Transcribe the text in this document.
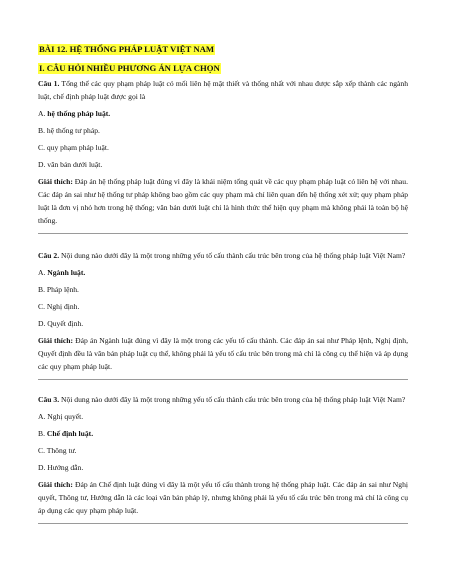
BÀI 12. HỆ THỐNG PHÁP LUẬT VIỆT NAM
I. CÂU HỎI NHIỀU PHƯƠNG ÁN LỰA CHỌN

Câu 1. Tổng thể các quy phạm pháp luật có mối liên hệ mật thiết và thống nhất với nhau được sắp xếp thành các ngành luật, chế định pháp luật được gọi là

A. hệ thống pháp luật.

B. hệ thống tư pháp.

C. quy phạm pháp luật.

D. văn bản dưới luật.

Giải thích: Đáp án hệ thống pháp luật đúng vì đây là khái niệm tổng quát về các quy phạm pháp luật có liên hệ với nhau. Các đáp án sai như hệ thống tư pháp không bao gồm các quy phạm mà chỉ liên quan đến hệ thống xét xử; quy phạm pháp luật là đơn vị nhỏ hơn trong hệ thống; văn bản dưới luật chỉ là hình thức thể hiện quy phạm mà không phải là toàn bộ hệ thống.

Câu 2. Nội dung nào dưới đây là một trong những yếu tố cấu thành cấu trúc bên trong của hệ thống pháp luật Việt Nam?

A. Ngành luật.

B. Pháp lệnh.

C. Nghị định.

D. Quyết định.

Giải thích: Đáp án Ngành luật đúng vì đây là một trong các yếu tố cấu thành. Các đáp án sai như Pháp lệnh, Nghị định, Quyết định đều là văn bản pháp luật cụ thể, không phải là yếu tố cấu trúc bên trong mà chỉ là công cụ thể hiện và áp dụng các quy phạm pháp luật.

Câu 3. Nội dung nào dưới đây là một trong những yếu tố cấu thành cấu trúc bên trong của hệ thống pháp luật Việt Nam?

A. Nghị quyết.

B. Chế định luật.

C. Thông tư.

D. Hướng dẫn.

Giải thích: Đáp án Chế định luật đúng vì đây là một yếu tố cấu thành trong hệ thống pháp luật. Các đáp án sai như Nghị quyết, Thông tư, Hướng dẫn là các loại văn bản pháp lý, nhưng không phải là yếu tố cấu trúc bên trong mà chỉ là công cụ áp dụng các quy phạm pháp luật.
